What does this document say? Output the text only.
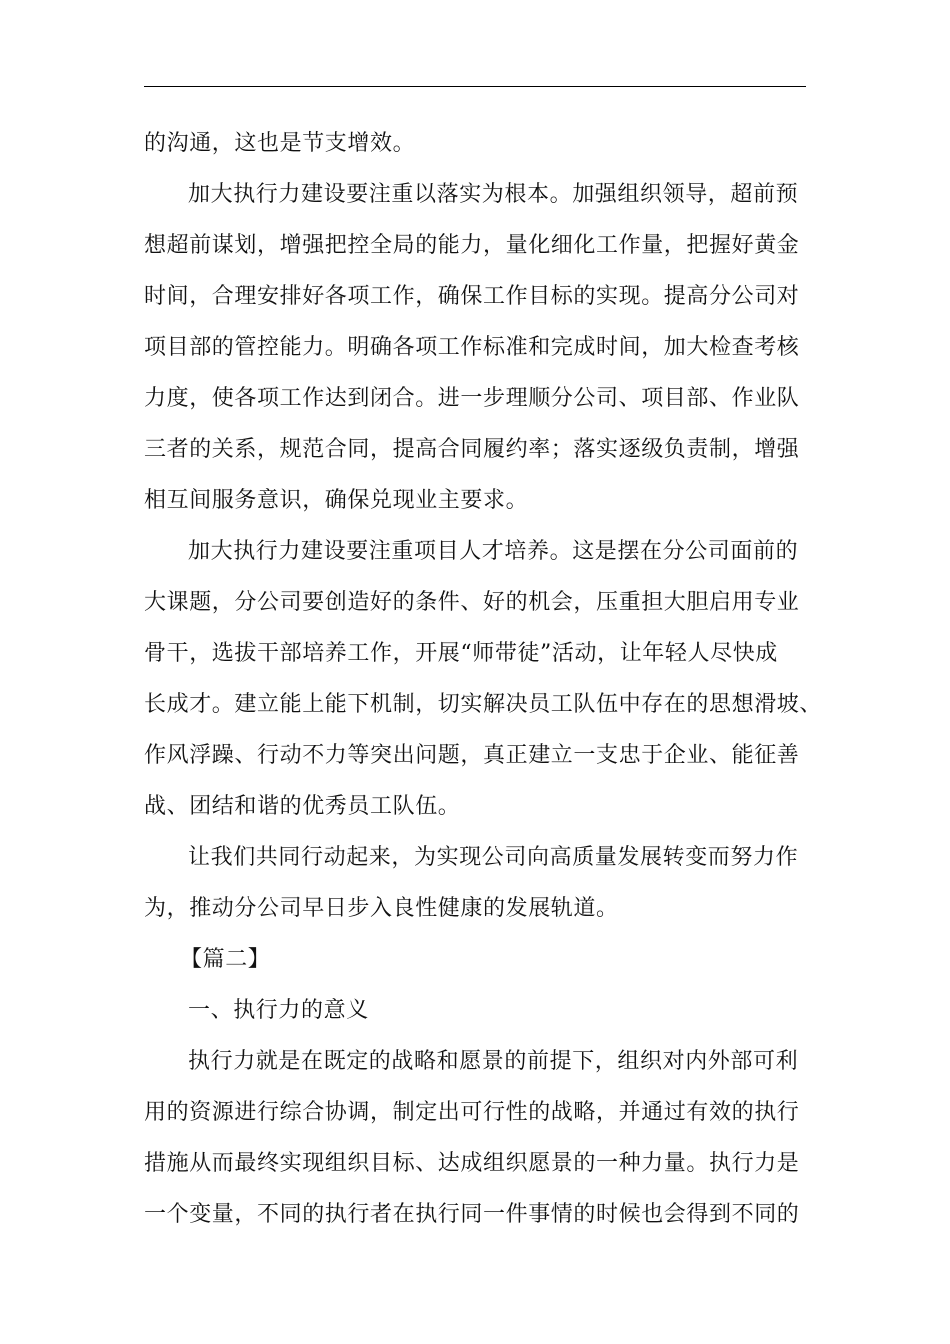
的沟通，这也是节支增效。
加大执行力建设要注重以落实为根本。加强组织领导，超前预
想超前谋划，增强把控全局的能力，量化细化工作量，把握好黄金
时间，合理安排好各项工作，确保工作目标的实现。提高分公司对
项目部的管控能力。明确各项工作标准和完成时间，加大检查考核
力度，使各项工作达到闭合。进一步理顺分公司、项目部、作业队
三者的关系，规范合同，提高合同履约率；落实逐级负责制，增强
相互间服务意识，确保兑现业主要求。
加大执行力建设要注重项目人才培养。这是摆在分公司面前的
大课题，分公司要创造好的条件、好的机会，压重担大胆启用专业
骨干，选拔干部培养工作，开展“师带徒”活动，让年轻人尽快成
长成才。建立能上能下机制，切实解决员工队伍中存在的思想滑坡、
作风浮躁、行动不力等突出问题，真正建立一支忠于企业、能征善
战、团结和谐的优秀员工队伍。
让我们共同行动起来，为实现公司向高质量发展转变而努力作
为，推动分公司早日步入良性健康的发展轨道。
【篇二】
一、执行力的意义
执行力就是在既定的战略和愿景的前提下，组织对内外部可利
用的资源进行综合协调，制定出可行性的战略，并通过有效的执行
措施从而最终实现组织目标、达成组织愿景的一种力量。执行力是
一个变量，不同的执行者在执行同一件事情的时候也会得到不同的
